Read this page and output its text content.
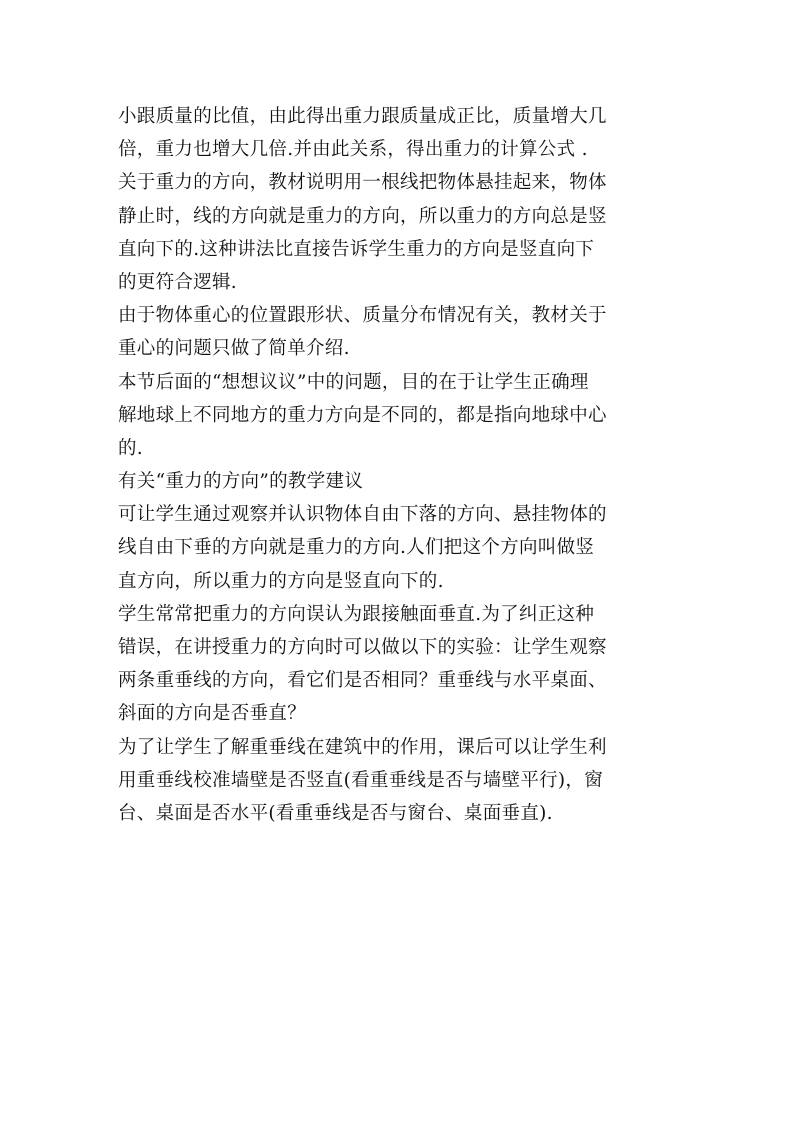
小跟质量的比值，由此得出重力跟质量成正比，质量增大几
倍，重力也增大几倍.并由此关系，得出重力的计算公式 .
关于重力的方向，教材说明用一根线把物体悬挂起来，物体
静止时，线的方向就是重力的方向，所以重力的方向总是竖
直向下的.这种讲法比直接告诉学生重力的方向是竖直向下
的更符合逻辑.
由于物体重心的位置跟形状、质量分布情况有关，教材关于
重心的问题只做了简单介绍.
本节后面的“想想议议”中的问题，目的在于让学生正确理
解地球上不同地方的重力方向是不同的，都是指向地球中心
的.
有关“重力的方向”的教学建议
可让学生通过观察并认识物体自由下落的方向、悬挂物体的
线自由下垂的方向就是重力的方向.人们把这个方向叫做竖
直方向，所以重力的方向是竖直向下的.
学生常常把重力的方向误认为跟接触面垂直.为了纠正这种
错误，在讲授重力的方向时可以做以下的实验：让学生观察
两条重垂线的方向，看它们是否相同？重垂线与水平桌面、
斜面的方向是否垂直？
为了让学生了解重垂线在建筑中的作用，课后可以让学生利
用重垂线校准墙壁是否竖直(看重垂线是否与墙壁平行)，窗
台、桌面是否水平(看重垂线是否与窗台、桌面垂直).
